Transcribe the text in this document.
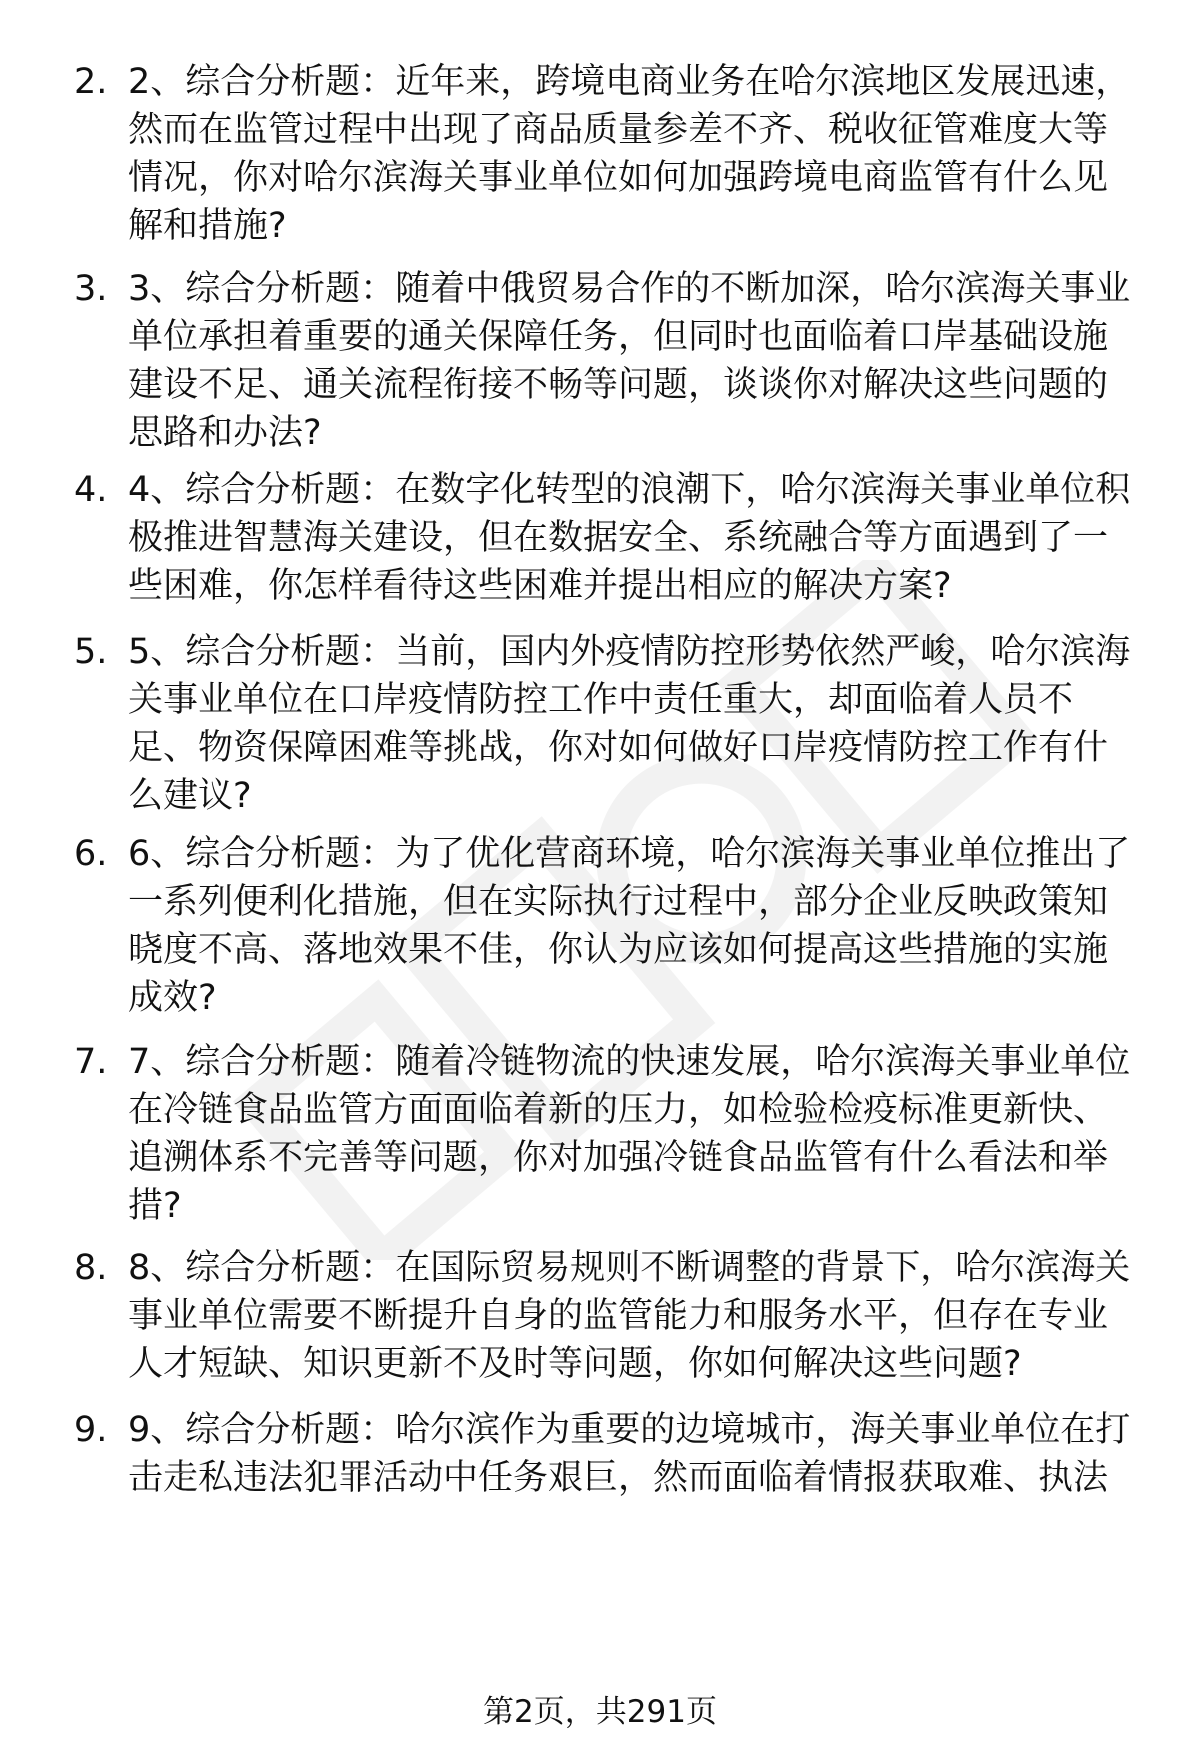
2. 2、综合分析题：近年来，跨境电商业务在哈尔滨地区发展迅速，
然而在监管过程中出现了商品质量参差不齐、税收征管难度大等
情况，你对哈尔滨海关事业单位如何加强跨境电商监管有什么见
解和措施?
3. 3、综合分析题：随着中俄贸易合作的不断加深，哈尔滨海关事业
单位承担着重要的通关保障任务，但同时也面临着口岸基础设施
建设不足、通关流程衔接不畅等问题，谈谈你对解决这些问题的
思路和办法?
4. 4、综合分析题：在数字化转型的浪潮下，哈尔滨海关事业单位积
极推进智慧海关建设，但在数据安全、系统融合等方面遇到了一
些困难，你怎样看待这些困难并提出相应的解决方案?
5. 5、综合分析题：当前，国内外疫情防控形势依然严峻，哈尔滨海
关事业单位在口岸疫情防控工作中责任重大，却面临着人员不
足、物资保障困难等挑战，你对如何做好口岸疫情防控工作有什
么建议?
6. 6、综合分析题：为了优化营商环境，哈尔滨海关事业单位推出了
一系列便利化措施，但在实际执行过程中，部分企业反映政策知
晓度不高、落地效果不佳，你认为应该如何提高这些措施的实施
成效?
7. 7、综合分析题：随着冷链物流的快速发展，哈尔滨海关事业单位
在冷链食品监管方面面临着新的压力，如检验检疫标准更新快、
追溯体系不完善等问题，你对加强冷链食品监管有什么看法和举
措?
8. 8、综合分析题：在国际贸易规则不断调整的背景下，哈尔滨海关
事业单位需要不断提升自身的监管能力和服务水平，但存在专业
人才短缺、知识更新不及时等问题，你如何解决这些问题?
9. 9、综合分析题：哈尔滨作为重要的边境城市，海关事业单位在打
击走私违法犯罪活动中任务艰巨，然而面临着情报获取难、执法
第2页，共291页
